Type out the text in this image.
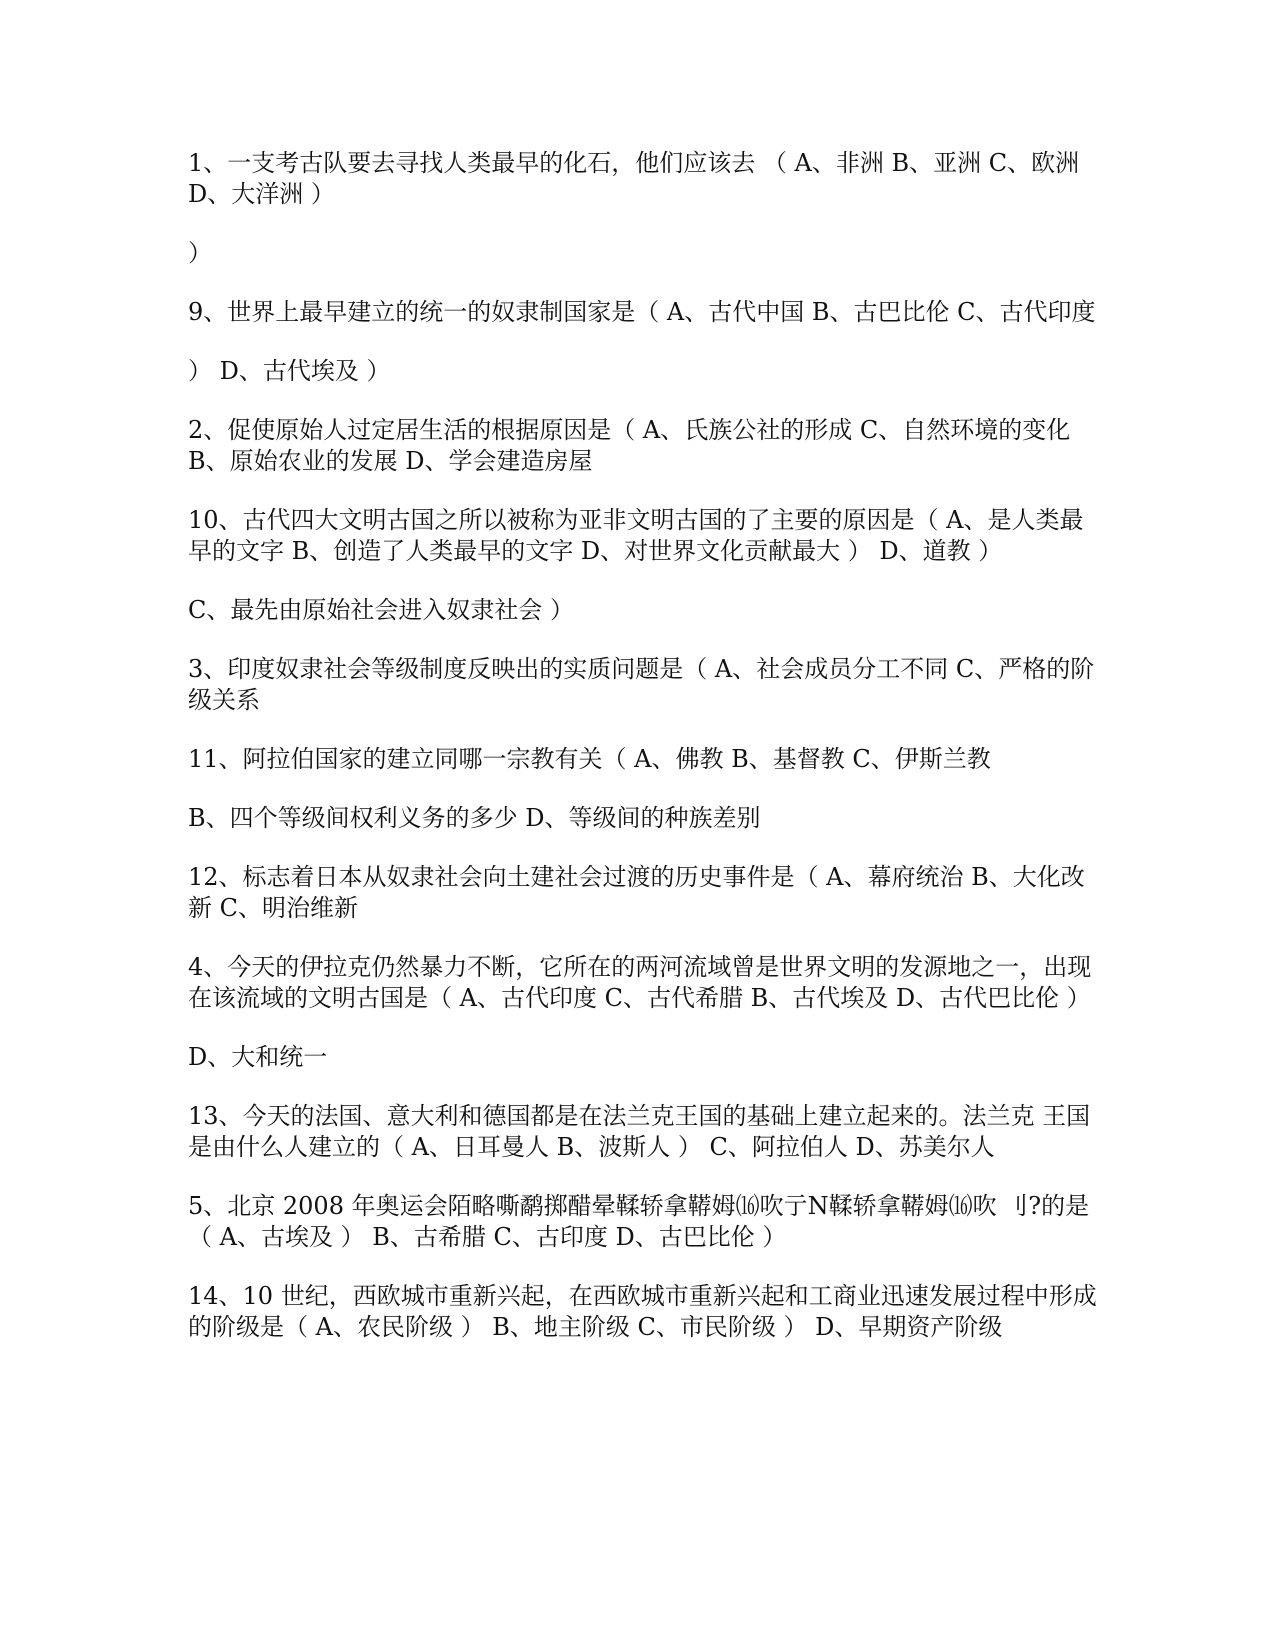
1、一支考古队要去寻找人类最早的化石，他们应该去 （ A、非洲 B、亚洲 C、欧洲 D、大洋洲 ）

）

9、世界上最早建立的统一的奴隶制国家是（ A、古代中国 B、古巴比伦 C、古代印度

） D、古代埃及 ）

2、促使原始人过定居生活的根据原因是（ A、氏族公社的形成 C、自然环境的变化 B、原始农业的发展 D、学会建造房屋

10、古代四大文明古国之所以被称为亚非文明古国的了主要的原因是（ A、是人类最早的文字 B、创造了人类最早的文字 D、对世界文化贡献最大 ） D、道教 ）

C、最先由原始社会进入奴隶社会 ）

3、印度奴隶社会等级制度反映出的实质问题是（ A、社会成员分工不同 C、严格的阶级关系

11、阿拉伯国家的建立同哪一宗教有关（ A、佛教 B、基督教 C、伊斯兰教

B、四个等级间权利义务的多少 D、等级间的种族差别

12、标志着日本从奴隶社会向土建社会过渡的历史事件是（ A、幕府统治 B、大化改新 C、明治维新

4、今天的伊拉克仍然暴力不断，它所在的两河流域曾是世界文明的发源地之一，出现在该流域的文明古国是（ A、古代印度 C、古代希腊 B、古代埃及 D、古代巴比伦 ）

D、大和统一

13、今天的法国、意大利和德国都是在法兰克王国的基础上建立起来的。法兰克 王国是由什么人建立的（ A、日耳曼人 B、波斯人 ） C、阿拉伯人 D、苏美尔人

5、北京 2008 年奥运会陌略嘶鹬掷醋晕鞣轿拿鞯姆⒃吹亍N鞣轿拿鞯姆⒃吹 刂?的是（ A、古埃及 ） B、古希腊 C、古印度 D、古巴比伦 ）

14、10 世纪，西欧城市重新兴起，在西欧城市重新兴起和工商业迅速发展过程中形成的阶级是（ A、农民阶级 ） B、地主阶级 C、市民阶级 ） D、早期资产阶级
